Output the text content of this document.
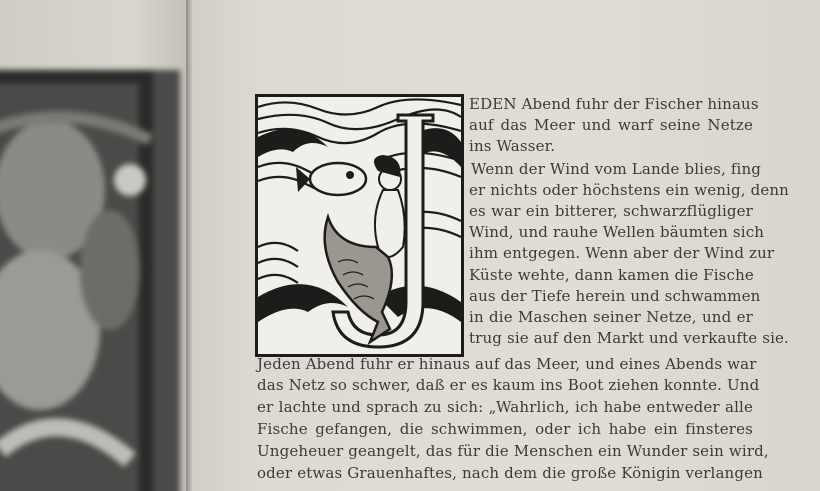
EDEN Abend fuhr der Fischer hinaus
auf das Meer und warf seine Netze
ins Wasser.
Wenn der Wind vom Lande blies, fing
er nichts oder höchstens ein wenig, denn
es war ein bitterer, schwarzflügliger
Wind, und rauhe Wellen bäumten sich
ihm entgegen. Wenn aber der Wind zur
Küste wehte, dann kamen die Fische
aus der Tiefe herein und schwammen
in die Maschen seiner Netze, und er
trug sie auf den Markt und verkaufte sie.
Jeden Abend fuhr er hinaus auf das Meer, und eines Abends war
das Netz so schwer, daß er es kaum ins Boot ziehen konnte. Und
er lachte und sprach zu sich: „Wahrlich, ich habe entweder alle
Fische gefangen, die schwimmen, oder ich habe ein finsteres
Ungeheuer geangelt, das für die Menschen ein Wunder sein wird,
oder etwas Grauenhaftes, nach dem die große Königin verlangen
